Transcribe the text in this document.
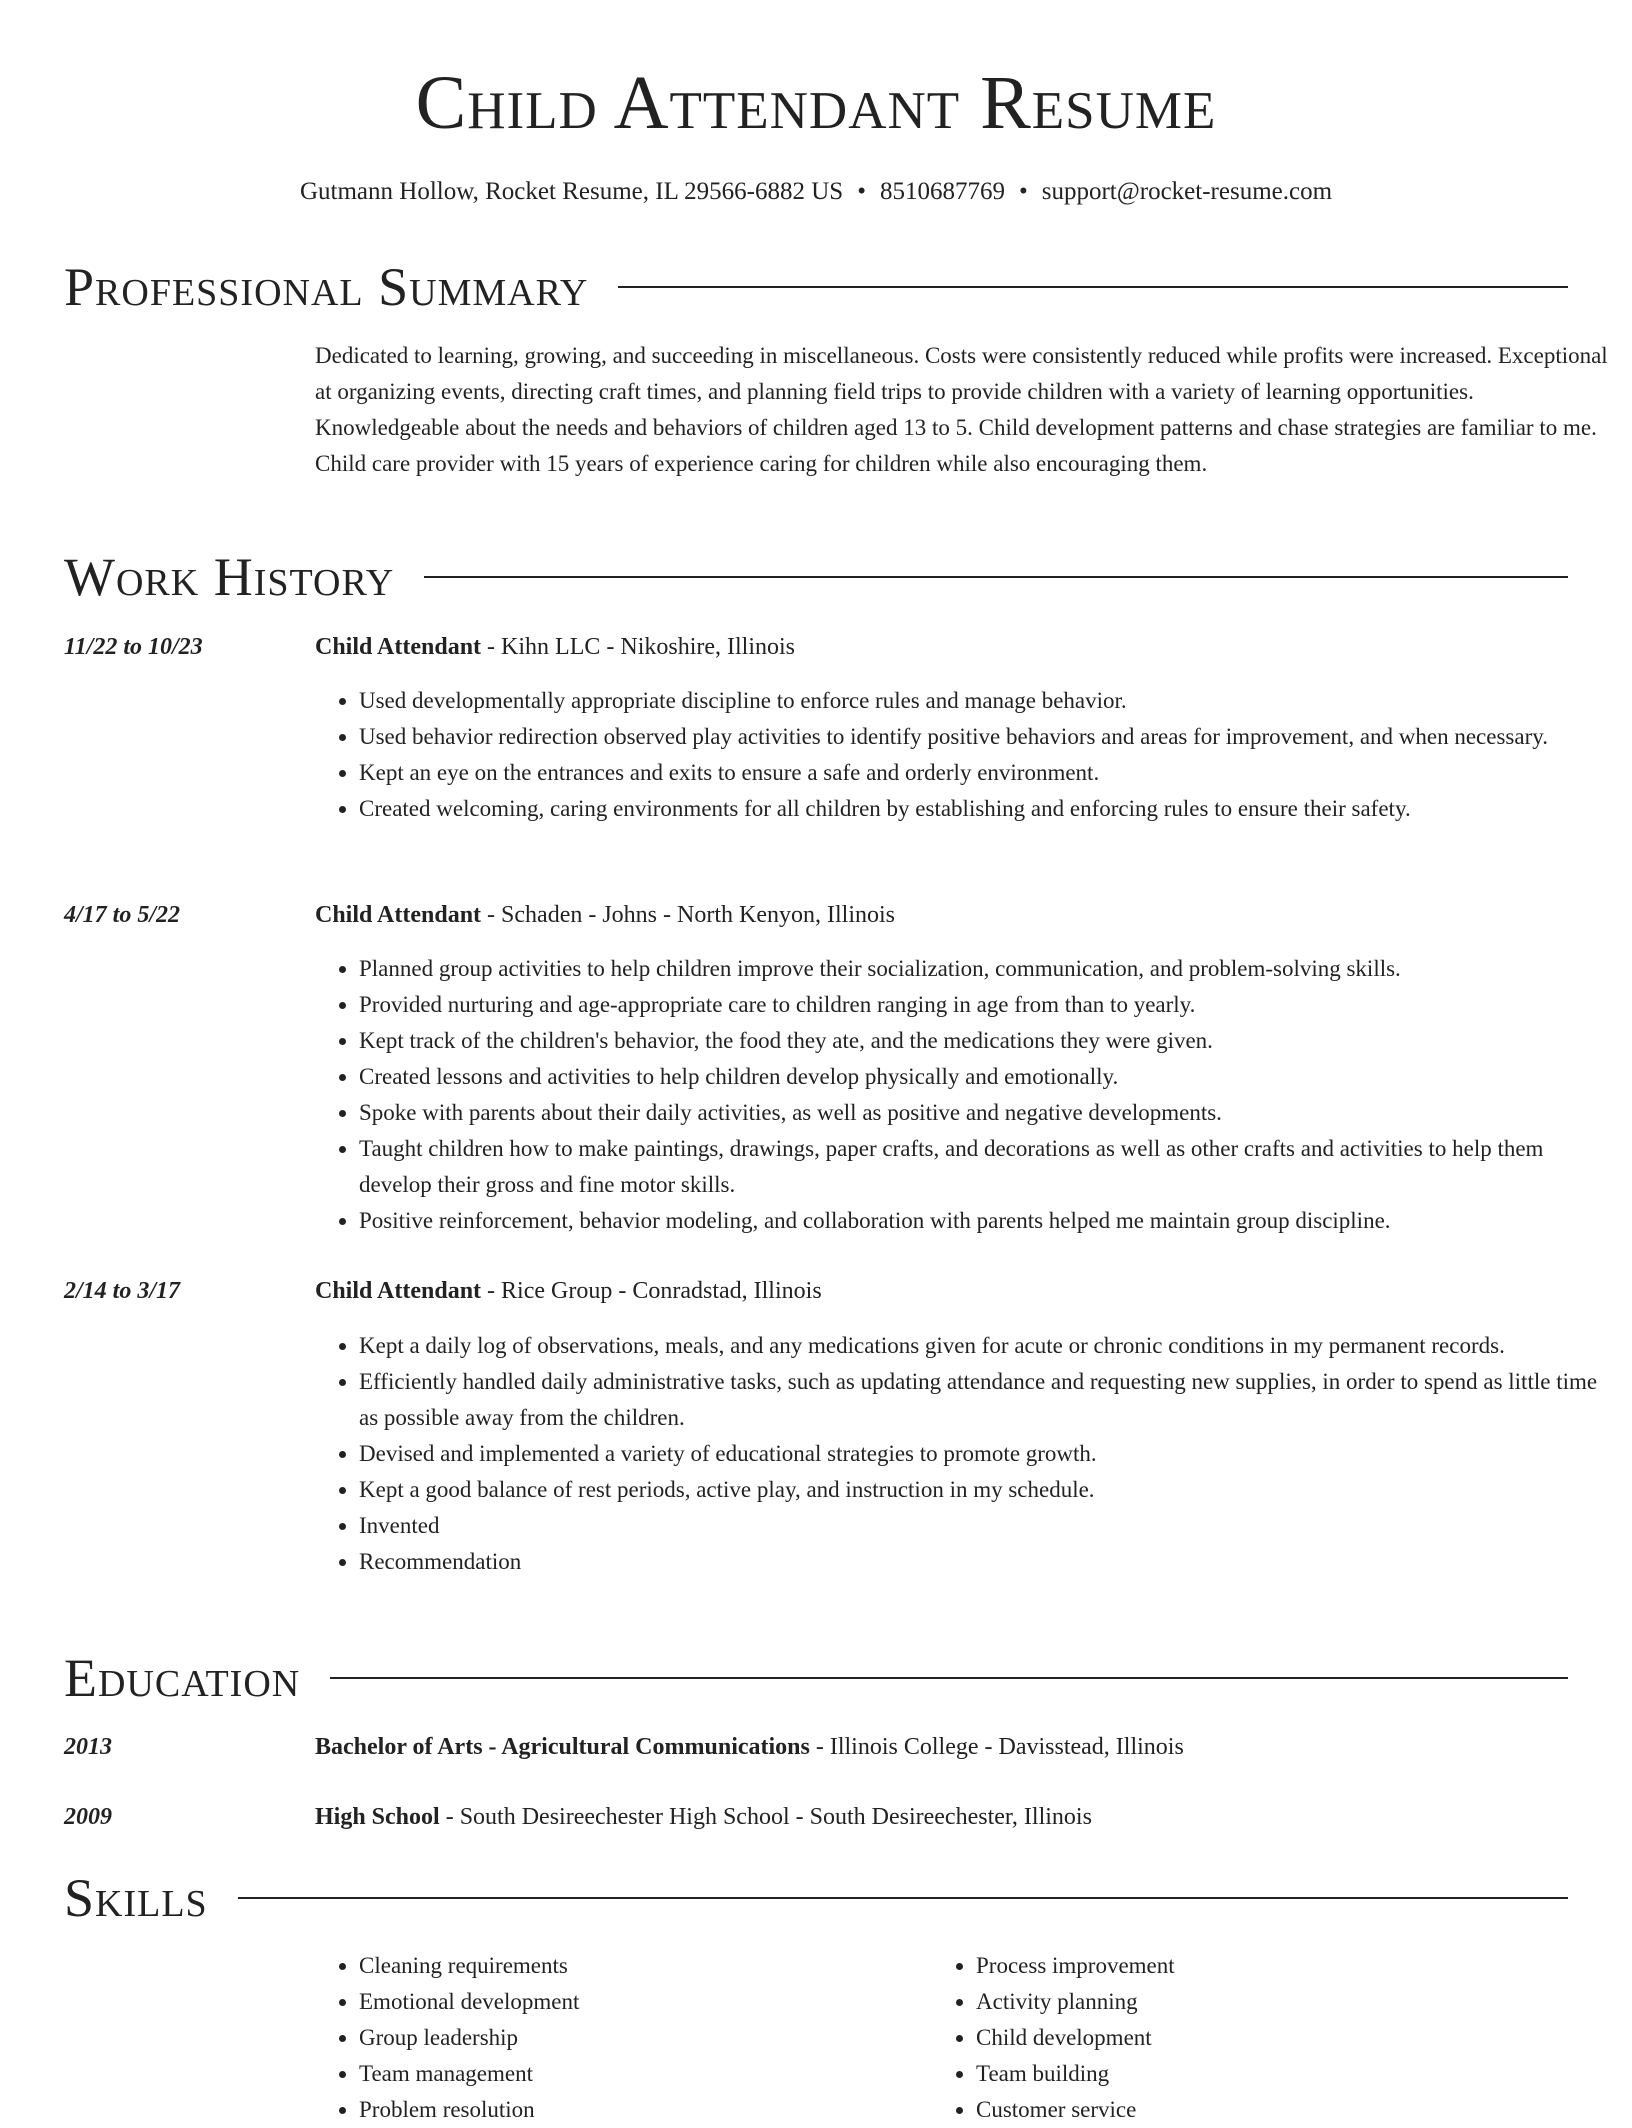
Child Attendant Resume
Gutmann Hollow, Rocket Resume, IL 29566-6882 US • 8510687769 • support@rocket-resume.com
Professional Summary

Dedicated to learning, growing, and succeeding in miscellaneous. Costs were consistently reduced while profits were increased. Exceptional at organizing events, directing craft times, and planning field trips to provide children with a variety of learning opportunities. Knowledgeable about the needs and behaviors of children aged 13 to 5. Child development patterns and chase strategies are familiar to me. Child care provider with 15 years of experience caring for children while also encouraging them.

Work History
11/22 to 10/23	Child Attendant - Kihn LLC - Nikoshire, Illinois
• Used developmentally appropriate discipline to enforce rules and manage behavior.
• Used behavior redirection observed play activities to identify positive behaviors and areas for improvement, and when necessary.
• Kept an eye on the entrances and exits to ensure a safe and orderly environment.
• Created welcoming, caring environments for all children by establishing and enforcing rules to ensure their safety.
4/17 to 5/22	Child Attendant - Schaden - Johns - North Kenyon, Illinois
• Planned group activities to help children improve their socialization, communication, and problem-solving skills.
• Provided nurturing and age-appropriate care to children ranging in age from than to yearly.
• Kept track of the children's behavior, the food they ate, and the medications they were given.
• Created lessons and activities to help children develop physically and emotionally.
• Spoke with parents about their daily activities, as well as positive and negative developments.
• Taught children how to make paintings, drawings, paper crafts, and decorations as well as other crafts and activities to help them develop their gross and fine motor skills.
• Positive reinforcement, behavior modeling, and collaboration with parents helped me maintain group discipline.
2/14 to 3/17	Child Attendant - Rice Group - Conradstad, Illinois
• Kept a daily log of observations, meals, and any medications given for acute or chronic conditions in my permanent records.
• Efficiently handled daily administrative tasks, such as updating attendance and requesting new supplies, in order to spend as little time as possible away from the children.
• Devised and implemented a variety of educational strategies to promote growth.
• Kept a good balance of rest periods, active play, and instruction in my schedule.
• Invented
• Recommendation
Education
2013	Bachelor of Arts - Agricultural Communications - Illinois College - Davisstead, Illinois
2009	High School - South Desireechester High School - South Desireechester, Illinois
Skills
• Cleaning requirements
• Emotional development
• Group leadership
• Team management
• Problem resolution
• Process improvement
• Activity planning
• Child development
• Team building
• Customer service
